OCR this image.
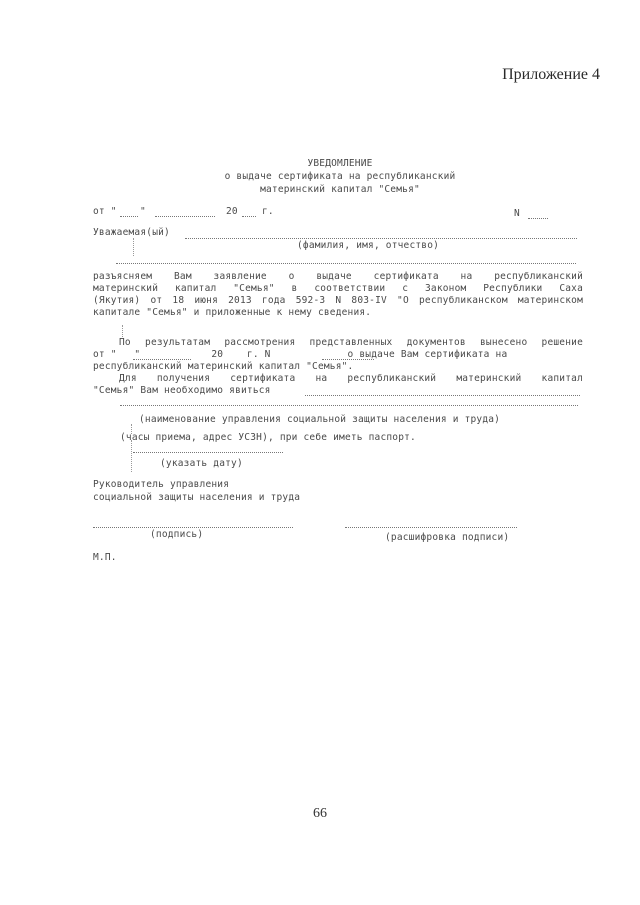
Приложение 4
УВЕДОМЛЕНИЕ
о выдаче сертификата на республиканский
материнский капитал "Семья"
от " "	20	г.	N
Уважаемая(ый)
(фамилия, имя, отчество)
разъясняем Вам заявление о выдаче сертификата на республиканский
материнский капитал "Семья" в соответствии с Законом Республики Саха
(Якутия) от 18 июня 2013 года 592-З N 803-IV "О республиканском материнском
капитале "Семья" и приложенные к нему сведения.
По результатам рассмотрения представленных документов вынесено решение
от "   "            20    г. N             о выдаче Вам сертификата на
республиканский материнский капитал "Семья".
Для получения сертификата на республиканский материнский капитал
"Семья" Вам необходимо явиться
(наименование управления социальной защиты населения и труда)
(часы приема, адрес УСЗН), при себе иметь паспорт.
(указать дату)
Руководитель управления
социальной защиты населения и труда
(подпись)	(расшифровка подписи)
М.П.
66
